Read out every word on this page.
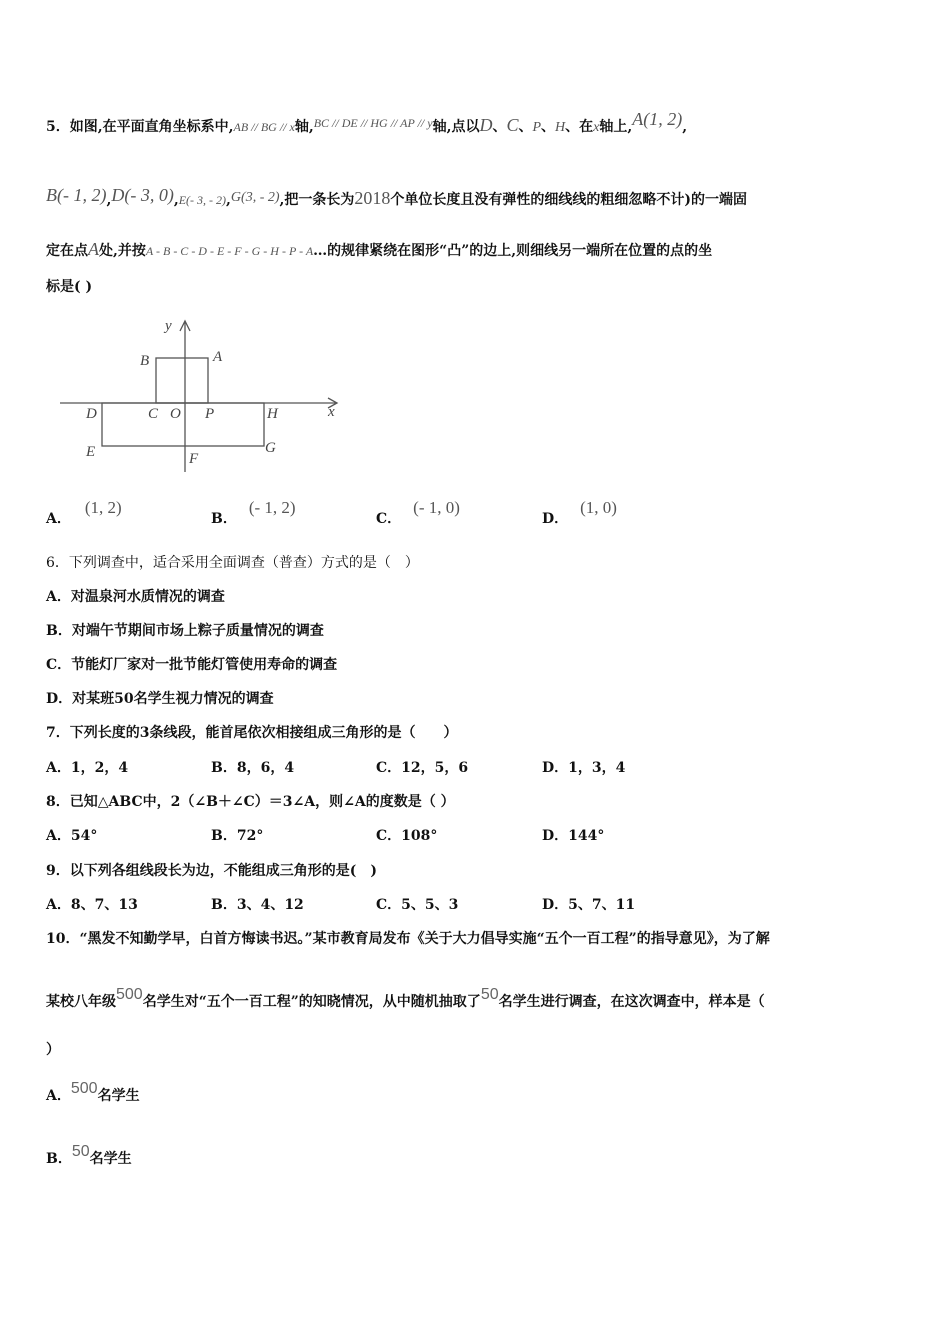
5．如图,在平面直角坐标系中,AB // BG // x轴,BC // DE // HG // AP // y轴,点以D、C、P、H、在x轴上,A(1, 2),
B(- 1, 2),D(- 3, 0),E(- 3, - 2),G(3, - 2),把一条长为2018个单位长度且没有弹性的细线线的粗细忽略不计)的一端固
定在点A处,并按A - B - C - D - E - F - G - H - P - A…的规律紧绕在图形“凸”的边上,则细线另一端所在位置的点的坐
标是( )
y
x
B	A
D	C O P	H
E	F
G
A．(1, 2)
B．(- 1, 2)
C．(- 1, 0)
D．(1, 0)
6．下列调查中，适合采用全面调查（普查）方式的是（　）
A．对温泉河水质情况的调查
B．对端午节期间市场上粽子质量情况的调查
C．节能灯厂家对一批节能灯管使用寿命的调查
D．对某班50名学生视力情况的调查
7．下列长度的3条线段，能首尾依次相接组成三角形的是（　　）
A．1，2，4	B．8，6，4	C．12，5，6	D．1，3，4
8．已知△ABC中，2（∠B＋∠C）＝3∠A，则∠A的度数是（ ）
A．54°	B．72°	C．108°	D．144°
9．以下列各组线段长为边，不能组成三角形的是(　)
A．8、7、13	B．3、4、12	C．5、5、3	D．5、7、11
10．“黑发不知勤学早，白首方悔读书迟。”某市教育局发布《关于大力倡导实施“五个一百工程”的指导意见》，为了解
某校八年级500名学生对“五个一百工程”的知晓情况，从中随机抽取了50名学生进行调查，在这次调查中，样本是（
）
A．500名学生
B．50名学生
